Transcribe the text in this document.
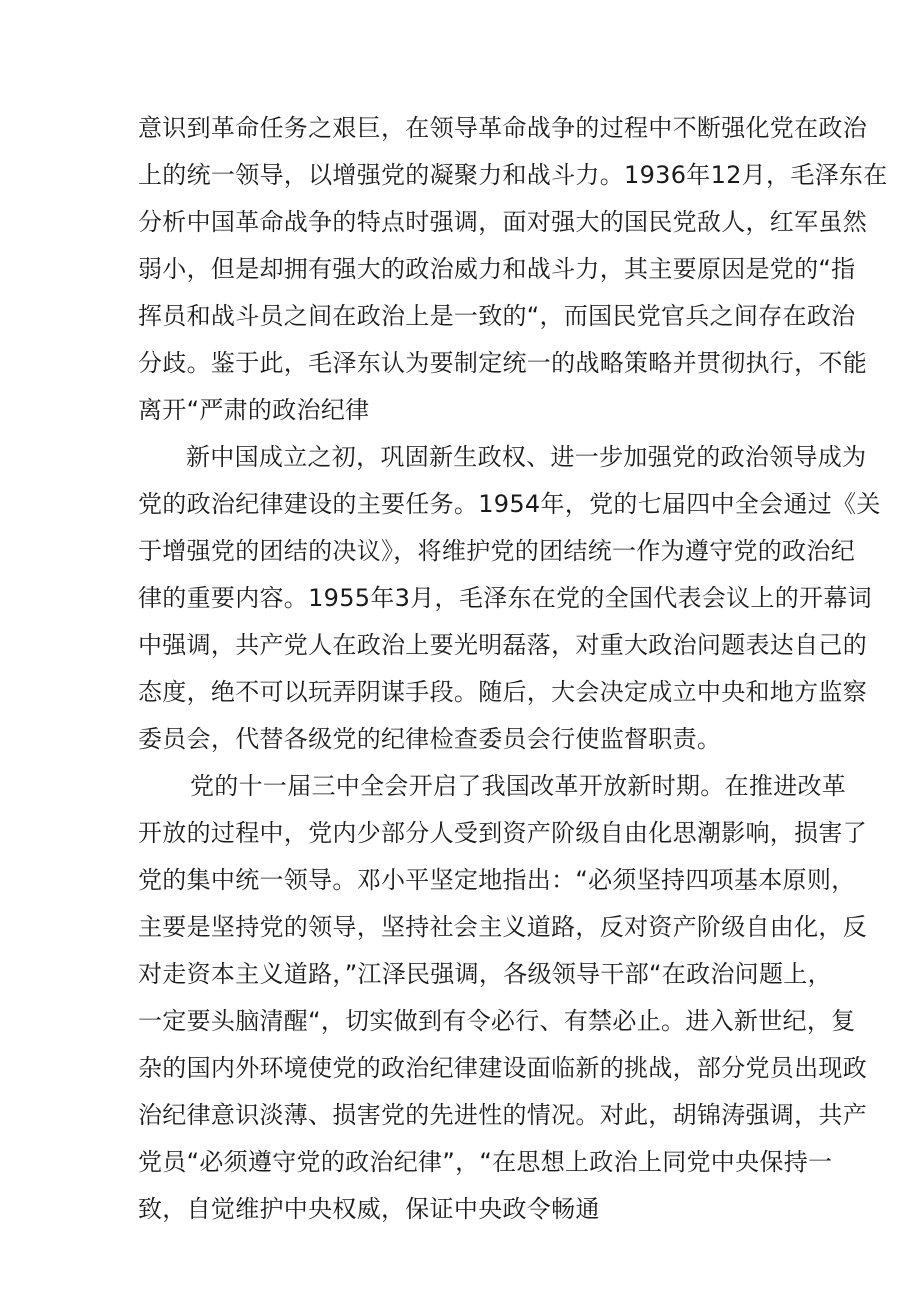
意识到革命任务之艰巨，在领导革命战争的过程中不断强化党在政治
上的统一领导，以增强党的凝聚力和战斗力。1936年12月，毛泽东在
分析中国革命战争的特点时强调，面对强大的国民党敌人，红军虽然
弱小，但是却拥有强大的政治威力和战斗力，其主要原因是党的“指
挥员和战斗员之间在政治上是一致的“，而国民党官兵之间存在政治
分歧。鉴于此，毛泽东认为要制定统一的战略策略并贯彻执行，不能
离开“严肃的政治纪律
新中国成立之初，巩固新生政权、进一步加强党的政治领导成为
党的政治纪律建设的主要任务。1954年，党的七届四中全会通过《关
于增强党的团结的决议》，将维护党的团结统一作为遵守党的政治纪
律的重要内容。1955年3月，毛泽东在党的全国代表会议上的开幕词
中强调，共产党人在政治上要光明磊落，对重大政治问题表达自己的
态度，绝不可以玩弄阴谋手段。随后，大会决定成立中央和地方监察
委员会，代替各级党的纪律检查委员会行使监督职责。
党的十一届三中全会开启了我国改革开放新时期。在推进改革
开放的过程中，党内少部分人受到资产阶级自由化思潮影响，损害了
党的集中统一领导。邓小平坚定地指出：“必须坚持四项基本原则，
主要是坚持党的领导，坚持社会主义道路，反对资产阶级自由化，反
对走资本主义道路，”江泽民强调，各级领导干部“在政治问题上，
一定要头脑清醒“，切实做到有令必行、有禁必止。进入新世纪，复
杂的国内外环境使党的政治纪律建设面临新的挑战，部分党员出现政
治纪律意识淡薄、损害党的先进性的情况。对此，胡锦涛强调，共产
党员“必须遵守党的政治纪律”，“在思想上政治上同党中央保持一
致，自觉维护中央权威，保证中央政令畅通
